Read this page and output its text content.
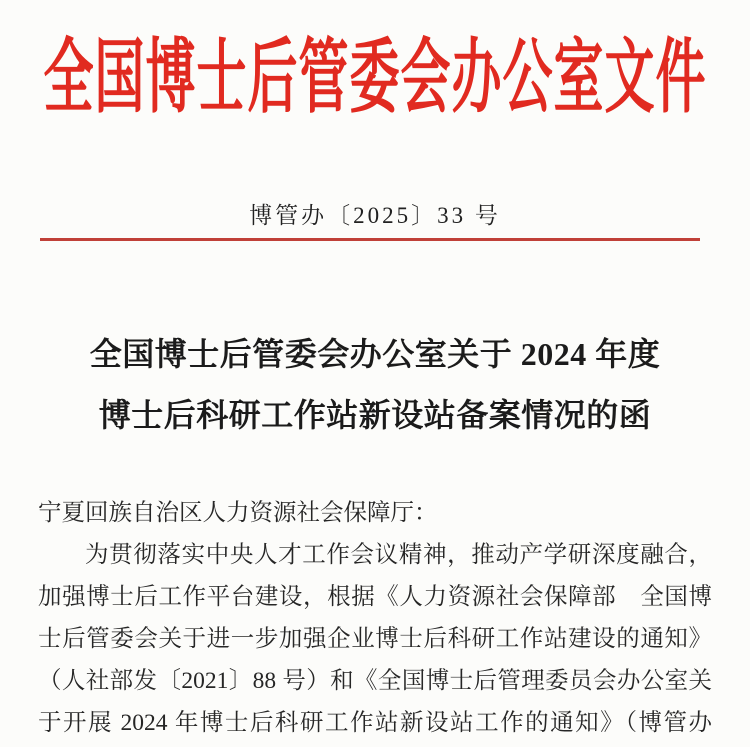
全国博士后管委会办公室文件
博管办〔2025〕33 号
全国博士后管委会办公室关于 2024 年度
博士后科研工作站新设站备案情况的函
宁夏回族自治区人力资源社会保障厅：
为贯彻落实中央人才工作会议精神，推动产学研深度融合，
加强博士后工作平台建设，根据《人力资源社会保障部　全国博
士后管委会关于进一步加强企业博士后科研工作站建设的通知》
（人社部发〔2021〕88 号）和《全国博士后管理委员会办公室关
于开展 2024 年博士后科研工作站新设站工作的通知》（博管办
